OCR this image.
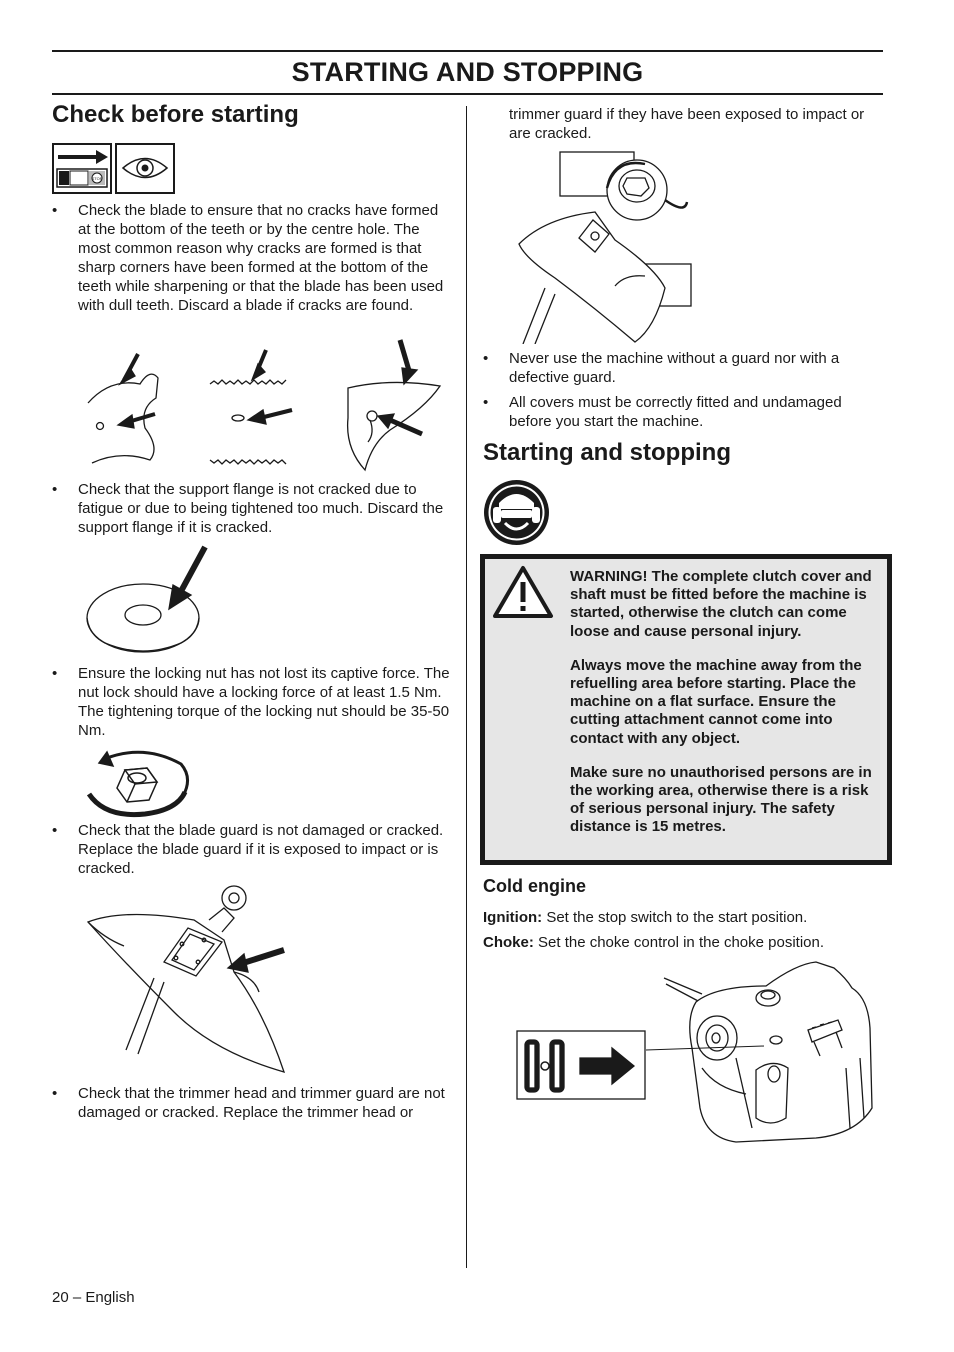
STARTING AND STOPPING
Check before starting
STOP
• Check the blade to ensure that no cracks have formed at the bottom of the teeth or by the centre hole. The most common reason why cracks are formed is that sharp corners have been formed at the bottom of the teeth while sharpening or that the blade has been used with dull teeth. Discard a blade if cracks are found.
• Check that the support flange is not cracked due to fatigue or due to being tightened too much. Discard the support flange if it is cracked.
• Ensure the locking nut has not lost its captive force. The nut lock should have a locking force of at least 1.5 Nm. The tightening torque of the locking nut should be 35-50 Nm.
• Check that the blade guard is not damaged or cracked. Replace the blade guard if it is exposed to impact or is cracked.
• Check that the trimmer head and trimmer guard are not damaged or cracked. Replace the trimmer head or
trimmer guard if they have been exposed to impact or are cracked.
• Never use the machine without a guard nor with a defective guard.
• All covers must be correctly fitted and undamaged before you start the machine.
Starting and stopping

WARNING! The complete clutch cover and shaft must be fitted before the machine is started, otherwise the clutch can come loose and cause personal injury.

Always move the machine away from the refuelling area before starting. Place the machine on a flat surface. Ensure the cutting attachment cannot come into contact with any object.

Make sure no unauthorised persons are in the working area, otherwise there is a risk of serious personal injury. The safety distance is 15 metres.

Cold engine
Ignition: Set the stop switch to the start position.
Choke: Set the choke control in the choke position.
20 – English
